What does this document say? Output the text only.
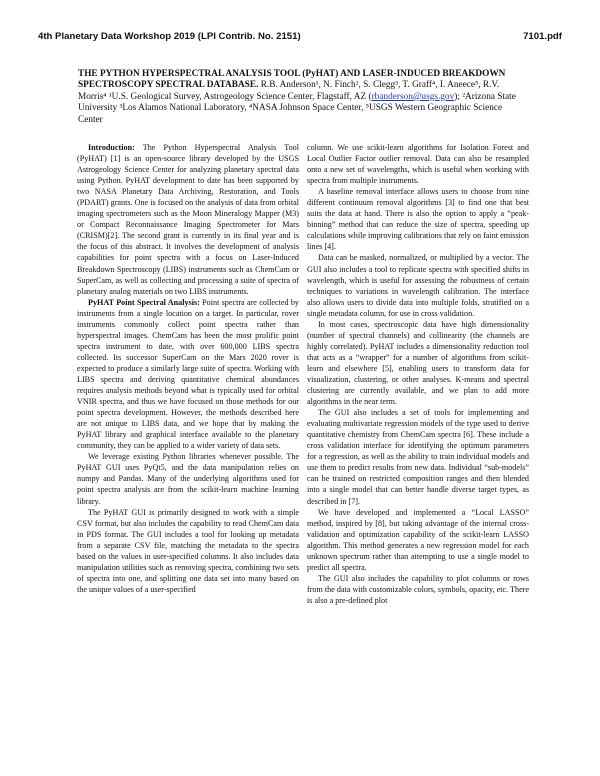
4th Planetary Data Workshop 2019 (LPI Contrib. No. 2151)	7101.pdf
THE PYTHON HYPERSPECTRAL ANALYSIS TOOL (PyHAT) AND LASER-INDUCED BREAKDOWN SPECTROSCOPY SPECTRAL DATABASE. R.B. Anderson¹, N. Finch², S. Clegg³, T. Graff⁴, I. Aneece⁵, R.V. Morris⁴ ¹U.S. Geological Survey, Astrogeology Science Center, Flagstaff, AZ (rbanderson@usgs.gov); ²Arizona State University ³Los Alamos National Laboratory, ⁴NASA Johnson Space Center, ⁵USGS Western Geographic Science Center

Introduction: The Python Hyperspectral Analysis Tool (PyHAT) [1] is an open-source library developed by the USGS Astrogeology Science Center for analyzing planetary spectral data using Python. PyHAT development to date has been supported by two NASA Planetary Data Archiving, Restoration, and Tools (PDART) grants. One is focused on the analysis of data from orbital imaging spectrometers such as the Moon Mineralogy Mapper (M3) or Compact Reconnaissance Imaging Spectrometer for Mars (CRISM)[2]. The second grant is currently in its final year and is the focus of this abstract. It involves the development of analysis capabilities for point spectra with a focus on Laser-Induced Breakdown Spectroscopy (LIBS) instruments such as ChemCam or SuperCam, as well as collecting and processing a suite of spectra of planetary analog materials on two LIBS instruments.

PyHAT Point Spectral Analysis: Point spectra are collected by instruments from a single location on a target. In particular, rover instruments commonly collect point spectra rather than hyperspectral images. ChemCam has been the most prolific point spectra instrument to date, with over 600,000 LIBS spectra collected. Its successor SuperCam on the Mars 2020 rover is expected to produce a similarly large suite of spectra. Working with LIBS spectra and deriving quantitative chemical abundances requires analysis methods beyond what is typically used for orbital VNIR spectra, and thus we have focused on those methods for our point spectra development. However, the methods described here are not unique to LIBS data, and we hope that by making the PyHAT library and graphical interface available to the planetary community, they can be applied to a wider variety of data sets.

We leverage existing Python libraries whenever possible. The PyHAT GUI uses PyQt5, and the data manipulation relies on numpy and Pandas. Many of the underlying algorithms used for point spectra analysis are from the scikit-learn machine learning library.

The PyHAT GUI is primarily designed to work with a simple CSV format, but also includes the capability to read ChemCam data in PDS format. The GUI includes a tool for looking up metadata from a separate CSV file, matching the metadata to the spectra based on the values in user-specified columns. It also includes data manipulation utilities such as removing spectra, combining two sets of spectra into one, and splitting one data set into many based on the unique values of a user-specified

column. We use scikit-learn algorithms for Isolation Forest and Local Outlier Factor outlier removal. Data can also be resampled onto a new set of wavelengths, which is useful when working with spectra from multiple instruments.

A baseline removal interface allows users to choose from nine different continuum removal algorithms [3] to find one that best suits the data at hand. There is also the option to apply a “peak-binning” method that can reduce the size of spectra, speeding up calculations while improving calibrations that rely on faint emission lines [4].

Data can be masked, normalized, or multiplied by a vector. The GUI also includes a tool to replicate spectra with specified shifts in wavelength, which is useful for assessing the robustness of certain techniques to variations in wavelength calibration. The interface also allows users to divide data into multiple folds, stratified on a single metadata column, for use in cross validation.

In most cases, spectroscopic data have high dimensionality (number of spectral channels) and collinearity (the channels are highly correlated). PyHAT includes a dimensionality reduction tool that acts as a “wrapper” for a number of algorithms from scikit-learn and elsewhere [5], enabling users to transform data for visualization, clustering, or other analyses. K-means and spectral clustering are currently available, and we plan to add more algorithms in the near term.

The GUI also includes a set of tools for implementing and evaluating multivariate regression models of the type used to derive quantitative chemistry from ChemCam spectra [6]. These include a cross validation interface for identifying the optimum parameters for a regression, as well as the ability to train individual models and use them to predict results from new data. Individual “sub-models” can be trained on restricted composition ranges and then blended into a single model that can better handle diverse target types, as described in [7].

We have developed and implemented a “Local LASSO” method, inspired by [8], but taking advantage of the internal cross-validation and optimization capability of the scikit-learn LASSO algorithm. This method generates a new regression model for each unknown spectrum rather than attempting to use a single model to predict all spectra.

The GUI also includes the capability to plot columns or rows from the data with customizable colors, symbols, opacity, etc. There is also a pre-defined plot
